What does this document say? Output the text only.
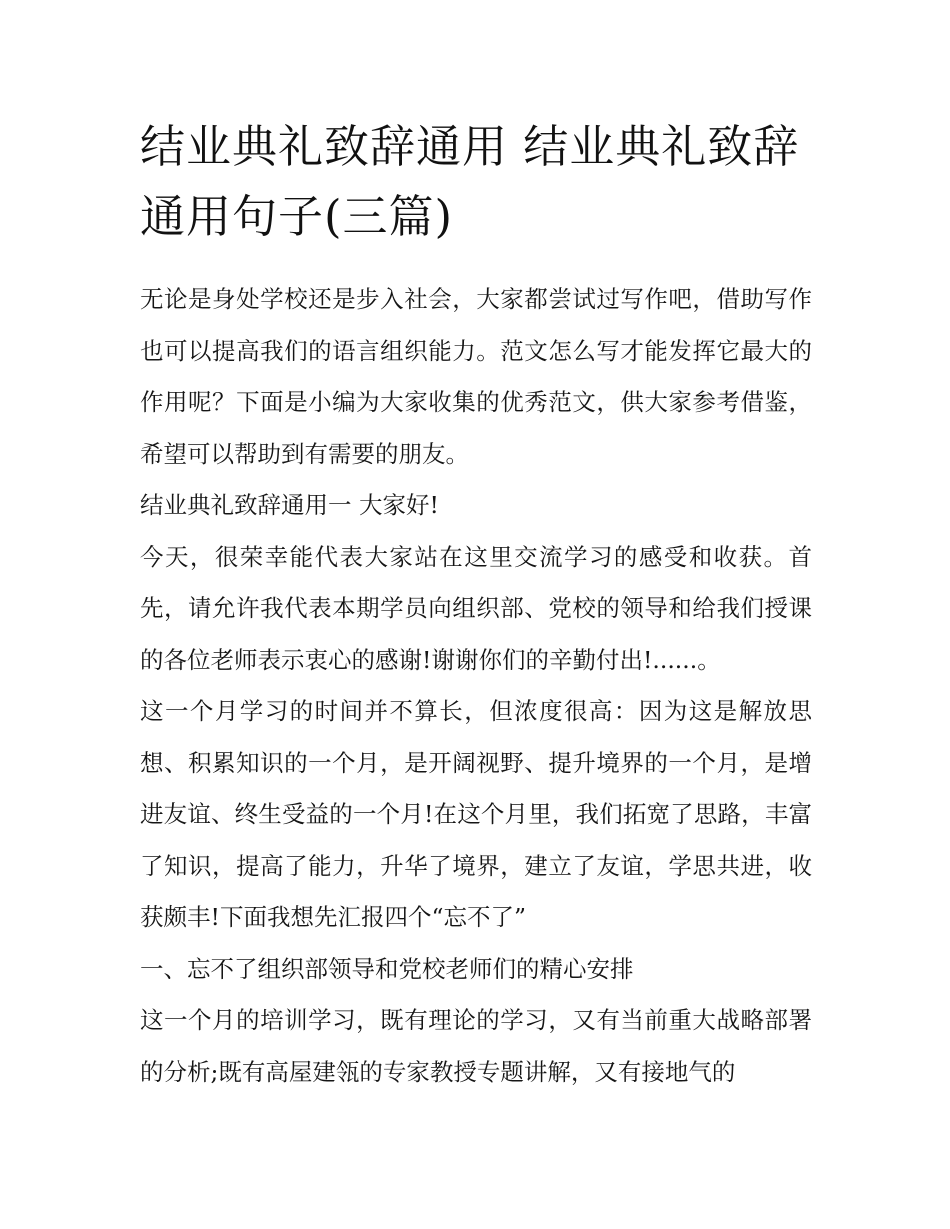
结业典礼致辞通用 结业典礼致辞通用句子(三篇)

无论是身处学校还是步入社会，大家都尝试过写作吧，借助写作也可以提高我们的语言组织能力。范文怎么写才能发挥它最大的作用呢？下面是小编为大家收集的优秀范文，供大家参考借鉴，希望可以帮助到有需要的朋友。

结业典礼致辞通用一 大家好!

今天，很荣幸能代表大家站在这里交流学习的感受和收获。首先，请允许我代表本期学员向组织部、党校的领导和给我们授课的各位老师表示衷心的感谢!谢谢你们的辛勤付出!......。

这一个月学习的时间并不算长，但浓度很高：因为这是解放思想、积累知识的一个月，是开阔视野、提升境界的一个月，是增进友谊、终生受益的一个月!在这个月里，我们拓宽了思路，丰富了知识，提高了能力，升华了境界，建立了友谊，学思共进，收获颇丰!下面我想先汇报四个“忘不了”

一、忘不了组织部领导和党校老师们的精心安排

这一个月的培训学习，既有理论的学习，又有当前重大战略部署的分析;既有高屋建瓴的专家教授专题讲解，又有接地气的
